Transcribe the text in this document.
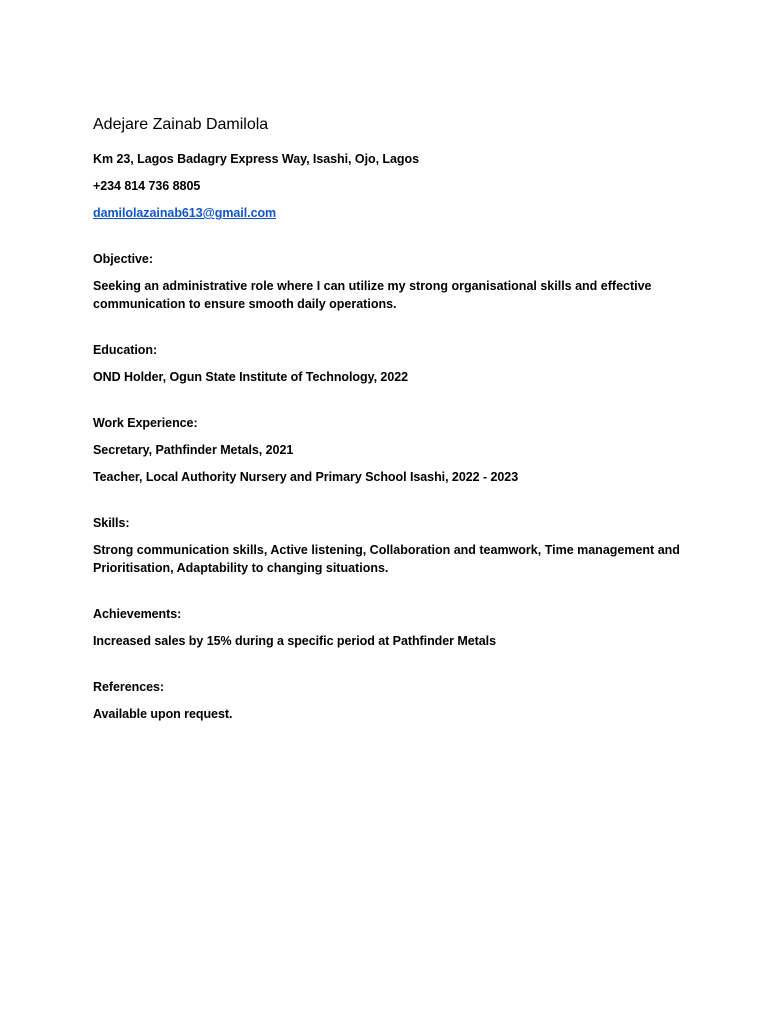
Adejare Zainab Damilola
Km 23, Lagos Badagry Express Way, Isashi, Ojo, Lagos
+234 814 736 8805
damilolazainab613@gmail.com
Objective:
Seeking an administrative role where I can utilize my strong organisational skills and effective communication to ensure smooth daily operations.
Education:
OND Holder, Ogun State Institute of Technology, 2022
Work Experience:
Secretary, Pathfinder Metals, 2021
Teacher, Local Authority Nursery and Primary School Isashi, 2022 - 2023
Skills:
Strong communication skills, Active listening, Collaboration and teamwork, Time management and Prioritisation, Adaptability to changing situations.
Achievements:
Increased sales by 15% during a specific period at Pathfinder Metals
References:
Available upon request.
